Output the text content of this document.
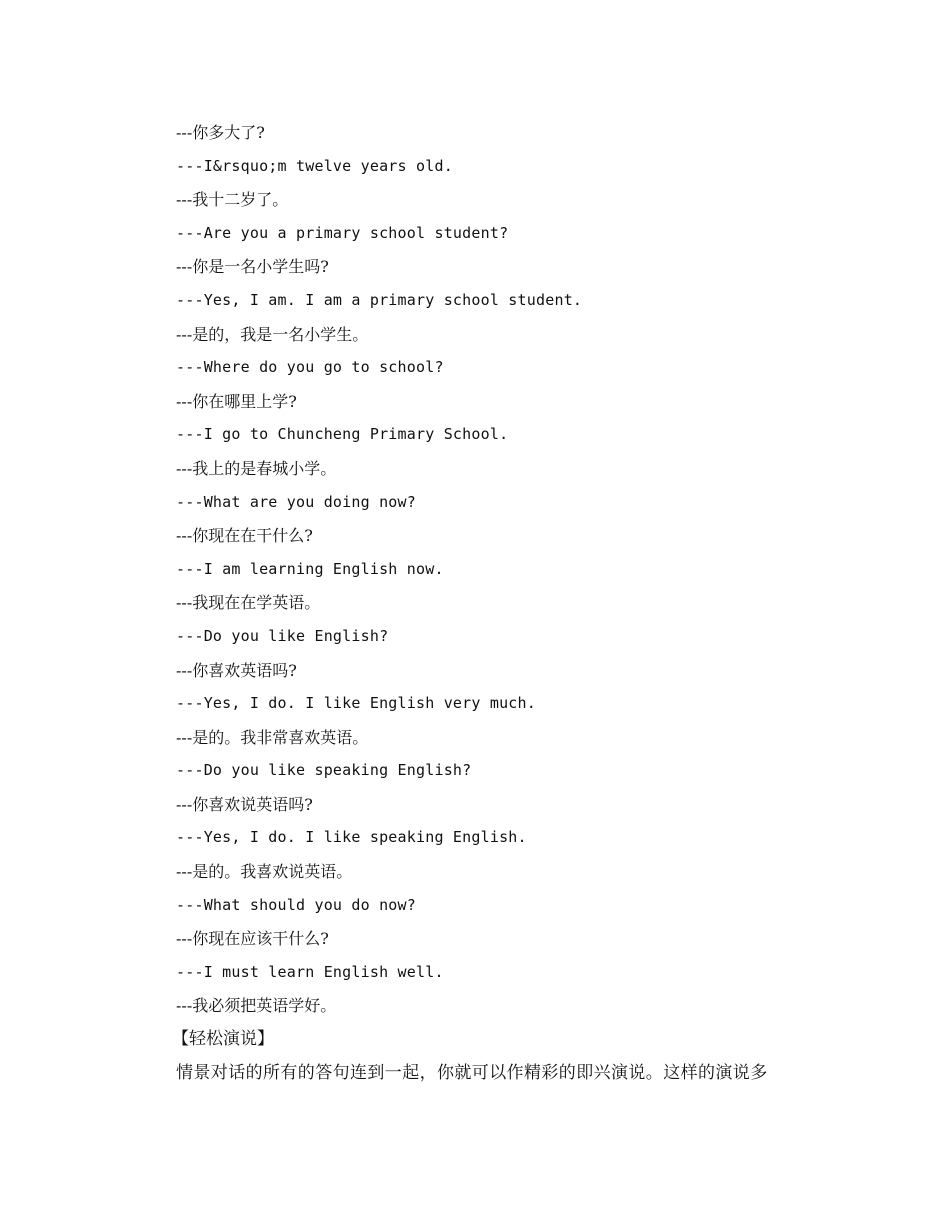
---你多大了?
---I&rsquo;m twelve years old.
---我十二岁了。
---Are you a primary school student?
---你是一名小学生吗?
---Yes, I am. I am a primary school student.
---是的，我是一名小学生。
---Where do you go to school?
---你在哪里上学?
---I go to Chuncheng Primary School.
---我上的是春城小学。
---What are you doing now?
---你现在在干什么?
---I am learning English now.
---我现在在学英语。
---Do you like English?
---你喜欢英语吗?
---Yes, I do. I like English very much.
---是的。我非常喜欢英语。
---Do you like speaking English?
---你喜欢说英语吗?
---Yes, I do. I like speaking English.
---是的。我喜欢说英语。
---What should you do now?
---你现在应该干什么?
---I must learn English well.
---我必须把英语学好。
【轻松演说】
情景对话的所有的答句连到一起，你就可以作精彩的即兴演说。这样的演说多
